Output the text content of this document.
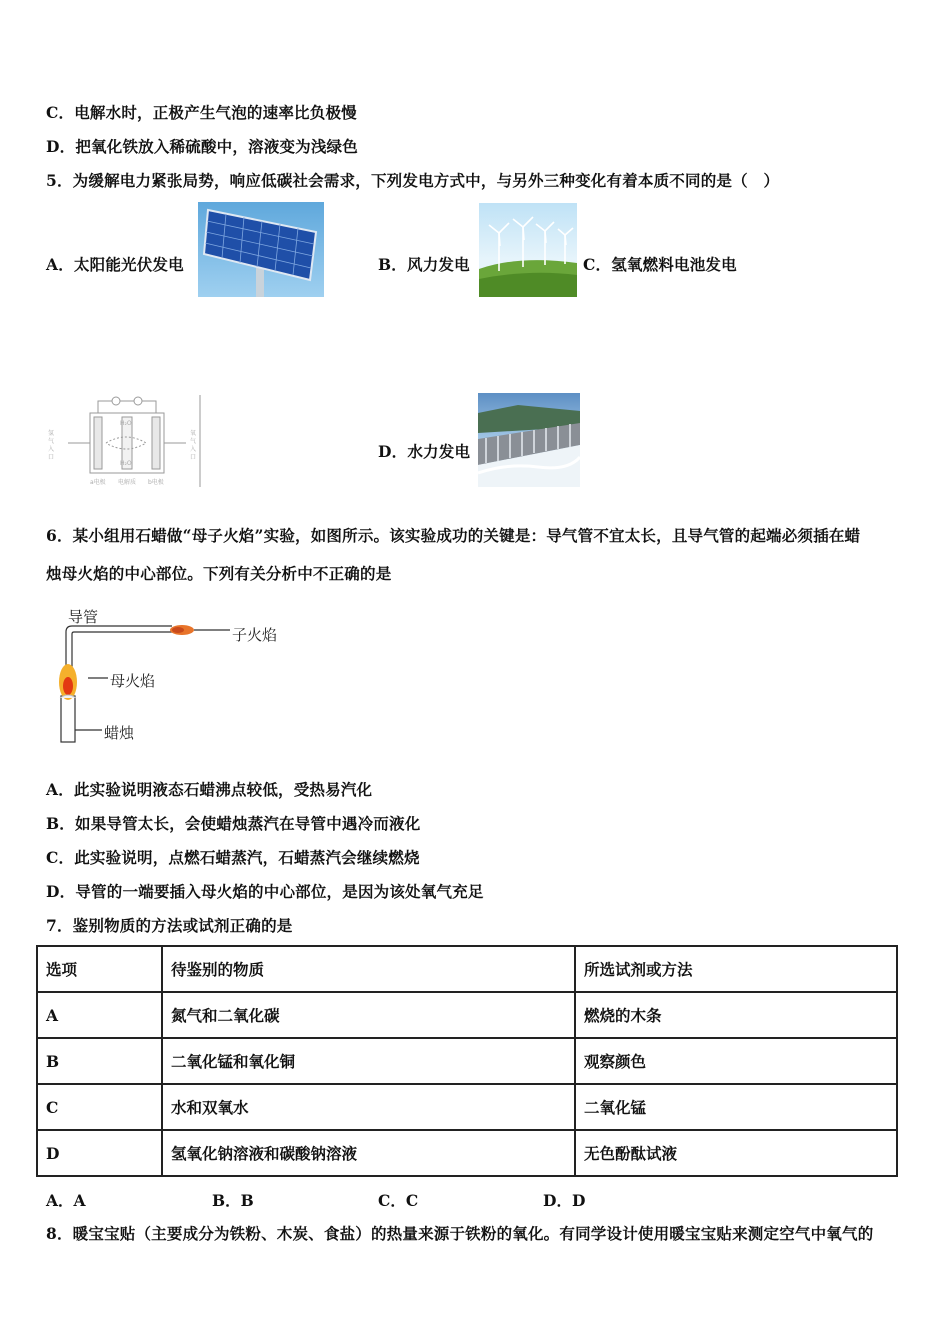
C．电解水时，正极产生气泡的速率比负极慢
D．把氧化铁放入稀硫酸中，溶液变为浅绿色
5．为缓解电力紧张局势，响应低碳社会需求，下列发电方式中，与另外三种变化有着本质不同的是（　）
A．太阳能光伏发电	B．风力发电	C．氢氧燃料电池发电
氢
气
入
口
氧
气
入
口
H₂O
H₂O
a电极 电解质 b电极
D．水力发电
6．某小组用石蜡做“母子火焰”实验，如图所示。该实验成功的关键是：导气管不宜太长，且导气管的起端必须插在蜡
烛母火焰的中心部位。下列有关分析中不正确的是
导管
子火焰
母火焰
蜡烛
A．此实验说明液态石蜡沸点较低，受热易汽化
B．如果导管太长，会使蜡烛蒸汽在导管中遇冷而液化
C．此实验说明，点燃石蜡蒸汽，石蜡蒸汽会继续燃烧
D．导管的一端要插入母火焰的中心部位，是因为该处氧气充足
7．鉴别物质的方法或试剂正确的是
选项	待鉴别的物质	所选试剂或方法
A	氮气和二氧化碳	燃烧的木条
B	二氧化锰和氧化铜	观察颜色
C	水和双氧水	二氧化锰
D	氢氧化钠溶液和碳酸钠溶液	无色酚酞试液
A．A	B．B	C．C	D．D
8．暖宝宝贴（主要成分为铁粉、木炭、食盐）的热量来源于铁粉的氧化。有同学设计使用暖宝宝贴来测定空气中氧气的
